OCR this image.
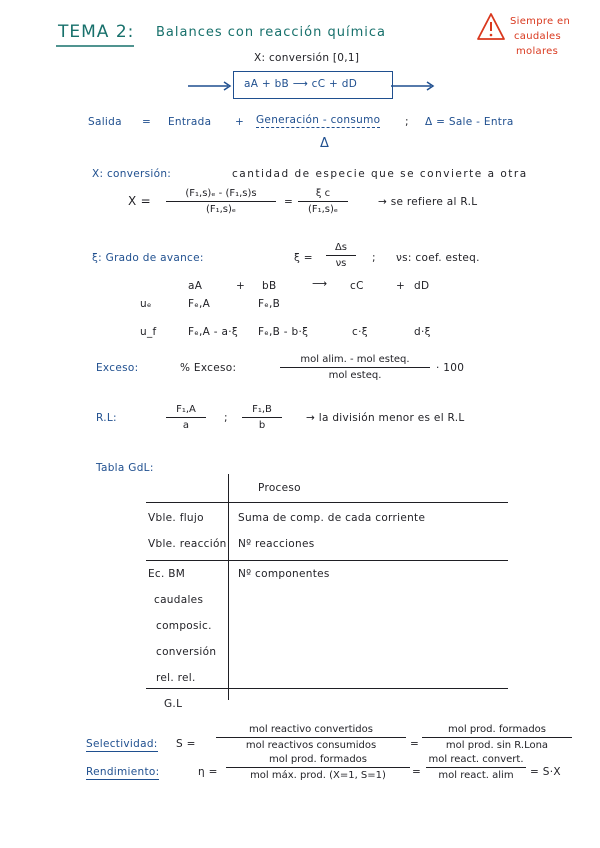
TEMA 2: Balances con reacción química
Siempre en
caudales
molares
X: conversión [0,1]
aA + bB ⟶ cC + dD
Salida = Entrada + Generación - consumo ; Δ = Sale - Entra
Δ
X: conversión:	cantidad de especie que se convierte a otra
X =
(F₁,s)ₑ - (F₁,s)s
(F₁,s)ₑ
=
ξ c
(F₁,s)ₑ
→ se refiere al R.L
ξ: Grado de avance:	ξ =
Δs
νs	; νs: coef. esteq.
aA	+ bB	⟶ cC	+ dD
uₑ	Fₑ,A	Fₑ,B
u_f	Fₑ,A - a·ξ Fₑ,B - b·ξ	c·ξ	d·ξ
Exceso:	% Exceso:
mol alim. - mol esteq.
mol esteq.
· 100
R.L:
F₁,A
a
;
F₁,B
b
→ la división menor es el R.L
Tabla GdL:
Proceso
Vble. flujo	Suma de comp. de cada corriente
Vble. reacción Nº reacciones
Ec. BM	Nº componentes
caudales
composic.
conversión
rel. rel.
G.L
Selectividad: S =
mol reactivo convertidos
mol reactivos consumidos	=
mol prod. formados
mol prod. sin R.Lona
Rendimiento:	η =
mol prod. formados
mol máx. prod. (X=1, S=1)	=
mol react. convert.
mol react. alim	= S·X
